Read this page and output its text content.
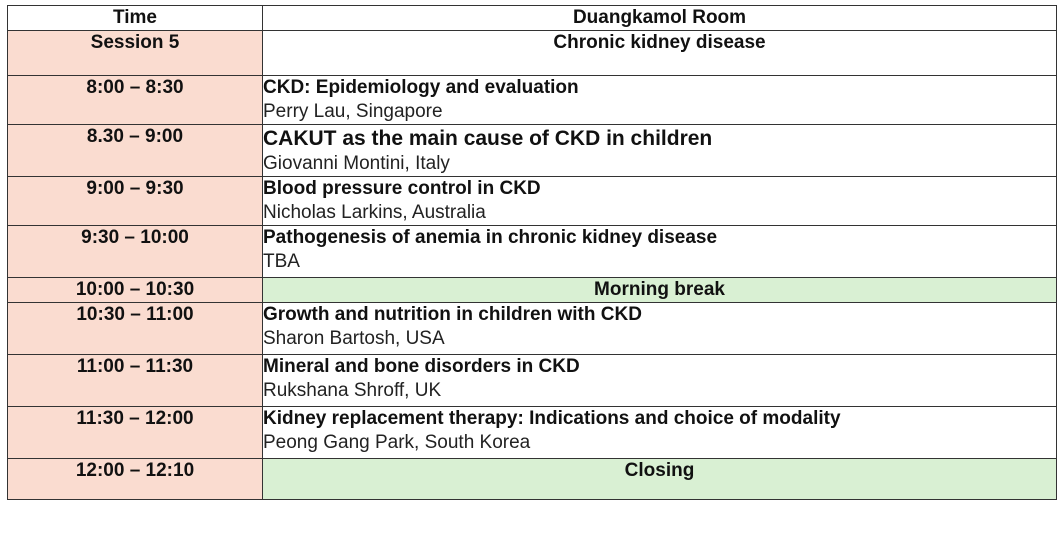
Time	Duangkamol Room
Session 5	Chronic kidney disease
8:00 – 8:30	CKD: Epidemiology and evaluation
Perry Lau, Singapore

8.30 – 9:00	CAKUT as the main cause of CKD in children
Giovanni Montini, Italy

9:00 – 9:30	Blood pressure control in CKD
Nicholas Larkins, Australia

9:30 – 10:00	Pathogenesis of anemia in chronic kidney disease
TBA

10:00 – 10:30	Morning break
10:30 – 11:00	Growth and nutrition in children with CKD
Sharon Bartosh, USA

11:00 – 11:30	Mineral and bone disorders in CKD
Rukshana Shroff, UK

11:30 – 12:00	Kidney replacement therapy: Indications and choice of modality
Peong Gang Park, South Korea

12:00 – 12:10	Closing
